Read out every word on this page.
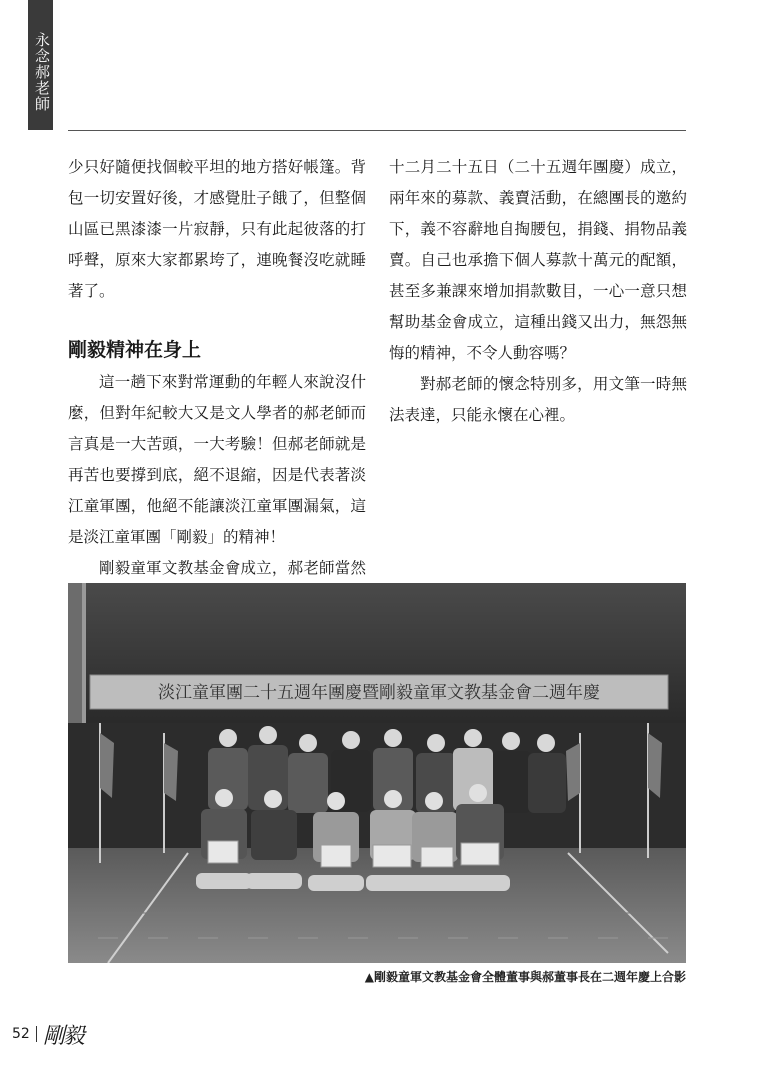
永念郝老師

少只好隨便找個較平坦的地方搭好帳篷。背包一切安置好後，才感覺肚子餓了，但整個山區已黑漆漆一片寂靜，只有此起彼落的打呼聲，原來大家都累垮了，連晚餐沒吃就睡著了。

剛毅精神在身上

這一趟下來對常運動的年輕人來說沒什麼，但對年紀較大又是文人學者的郝老師而言真是一大苦頭，一大考驗！但郝老師就是再苦也要撐到底，絕不退縮，因是代表著淡江童軍團，他絕不能讓淡江童軍團漏氣，這是淡江童軍團「剛毅」的精神！

剛毅童軍文教基金會成立，郝老師當然

十二月二十五日（二十五週年團慶）成立，兩年來的募款、義賣活動，在總團長的邀約下，義不容辭地自掏腰包，捐錢、捐物品義賣。自己也承擔下個人募款十萬元的配額，甚至多兼課來增加捐款數目，一心一意只想幫助基金會成立，這種出錢又出力，無怨無悔的精神，不令人動容嗎？

對郝老師的懷念特別多，用文筆一時無法表達，只能永懷在心裡。

淡江童軍團二十五週年團慶暨剛毅童軍文教基金會二週年慶
▲剛毅童軍文教基金會全體董事與郝董事長在二週年慶上合影
52 剛毅
